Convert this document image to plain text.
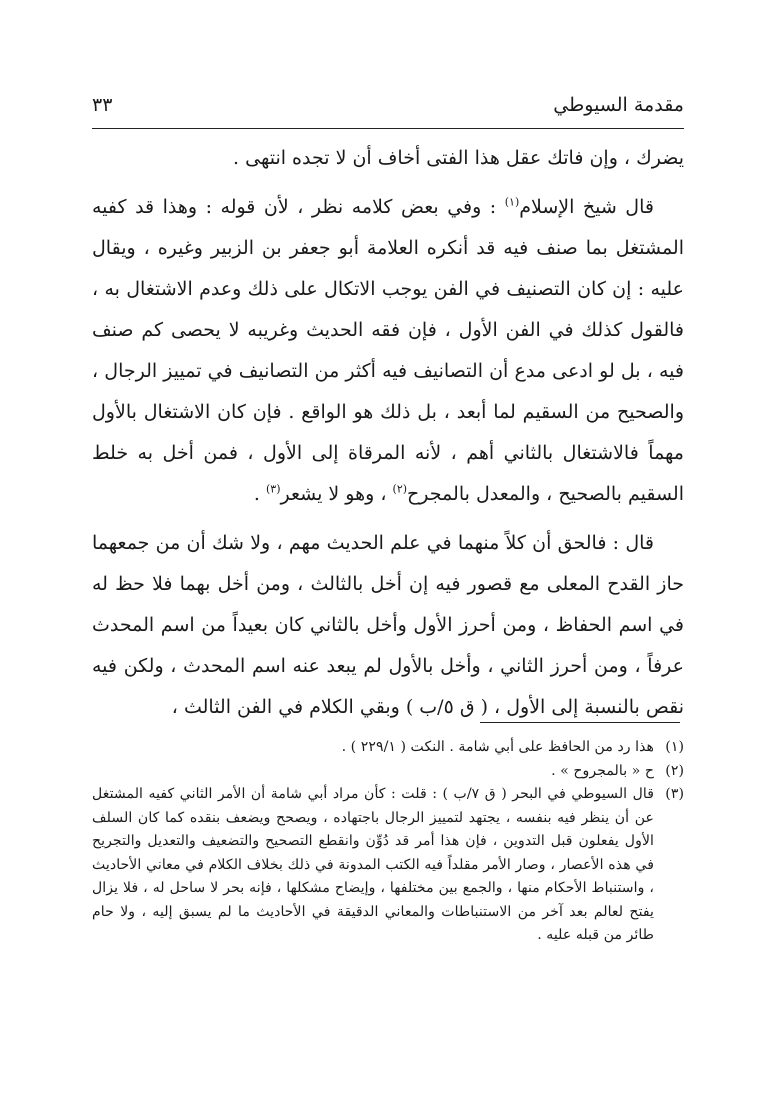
مقدمة السيوطي
٣٣

يضرك ، وإن فاتك عقل هذا الفتى أخاف أن لا تجده انتهى .

قال شيخ الإسلام$^{(١)}$ : وفي بعض كلامه نظر ، لأن قوله : وهذا قد كفيه المشتغل بما صنف فيه قد أنكره العلامة أبو جعفر بن الزبير وغيره ، ويقال عليه : إن كان التصنيف في الفن يوجب الاتكال على ذلك وعدم الاشتغال به ، فالقول كذلك في الفن الأول ، فإن فقه الحديث وغريبه لا يحصى كم صنف فيه ، بل لو ادعى مدع أن التصانيف فيه أكثر من التصانيف في تمييز الرجال ، والصحيح من السقيم لما أبعد ، بل ذلك هو الواقع . فإن كان الاشتغال بالأول مهماً فالاشتغال بالثاني أهم ، لأنه المرقاة إلى الأول ، فمن أخل به خلط السقيم بالصحيح ، والمعدل بالمجرح$^{(٢)}$ ، وهو لا يشعر$^{(٣)}$ .

قال : فالحق أن كلاً منهما في علم الحديث مهم ، ولا شك أن من جمعهما حاز القدح المعلى مع قصور فيه إن أخل بالثالث ، ومن أخل بهما فلا حظ له في اسم الحفاظ ، ومن أحرز الأول وأخل بالثاني كان بعيداً من اسم المحدث عرفاً ، ومن أحرز الثاني ، وأخل بالأول لم يبعد عنه اسم المحدث ، ولكن فيه نقص بالنسبة إلى الأول ، ( ق ٥/ب ) وبقي الكلام في الفن الثالث ،

(١)
هذا رد من الحافظ على أبي شامة . النكت ( ٢٢٩/١ ) .
(٢)
ح « بالمجروح » .
(٣)
قال السيوطي في البحر ( ق ٧/ب ) : قلت : كأن مراد أبي شامة أن الأمر الثاني كفيه المشتغل عن أن ينظر فيه بنفسه ، يجتهد لتمييز الرجال باجتهاده ، ويصحح ويضعف بنقده كما كان السلف الأول يفعلون قبل التدوين ، فإن هذا أمر قد دُوِّن وانقطع التصحيح والتضعيف والتعديل والتجريح في هذه الأعصار ، وصار الأمر مقلداً فيه الكتب المدونة في ذلك بخلاف الكلام في معاني الأحاديث ، واستنباط الأحكام منها ، والجمع بين مختلفها ، وإيضاح مشكلها ، فإنه بحر لا ساحل له ، فلا يزال يفتح لعالم بعد آخر من الاستنباطات والمعاني الدقيقة في الأحاديث ما لم يسبق إليه ، ولا حام طائر من قبله عليه .
